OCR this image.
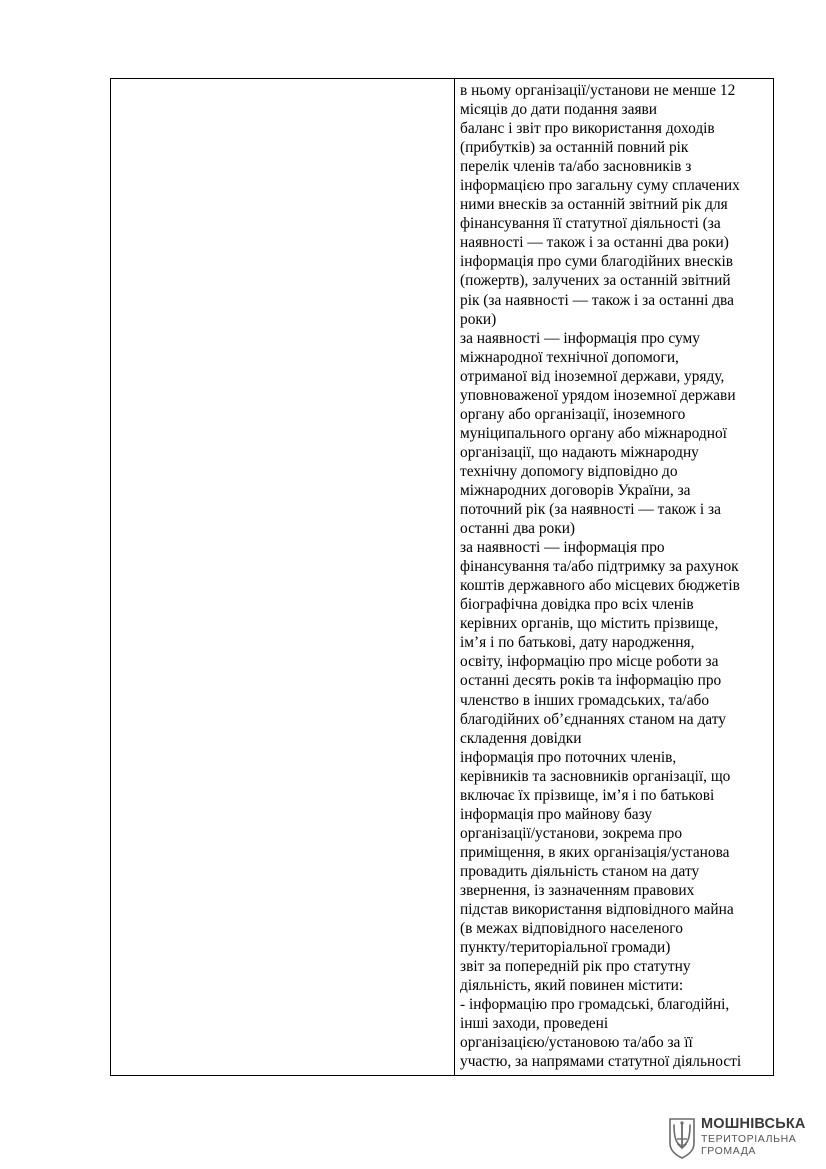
в ньому організації/установи не менше 12
місяців до дати подання заяви
баланс і звіт про використання доходів
(прибутків) за останній повний рік
перелік членів та/або засновників з
інформацією про загальну суму сплачених
ними внесків за останній звітний рік для
фінансування її статутної діяльності (за
наявності — також і за останні два роки)
інформація про суми благодійних внесків
(пожертв), залучених за останній звітний
рік (за наявності — також і за останні два
роки)
за наявності — інформація про суму
міжнародної технічної допомоги,
отриманої від іноземної держави, уряду,
уповноваженої урядом іноземної держави
органу або організації, іноземного
муніципального органу або міжнародної
організації, що надають міжнародну
технічну допомогу відповідно до
міжнародних договорів України, за
поточний рік (за наявності — також і за
останні два роки)
за наявності — інформація про
фінансування та/або підтримку за рахунок
коштів державного або місцевих бюджетів
біографічна довідка про всіх членів
керівних органів, що містить прізвище,
ім’я і по батькові, дату народження,
освіту, інформацію про місце роботи за
останні десять років та інформацію про
членство в інших громадських, та/або
благодійних об’єднаннях станом на дату
складення довідки
інформація про поточних членів,
керівників та засновників організації, що
включає їх прізвище, ім’я і по батькові
інформація про майнову базу
організації/установи, зокрема про
приміщення, в яких організація/установа
провадить діяльність станом на дату
звернення, із зазначенням правових
підстав використання відповідного майна
(в межах відповідного населеного
пункту/територіальної громади)
звіт за попередній рік про статутну
діяльність, який повинен містити:
- інформацію про громадські, благодійні,
інші заходи, проведені
організацією/установою та/або за її
участю, за напрямами статутної діяльності
МОШНІВСЬКА
ТЕРИТОРІАЛЬНА
ГРОМАДА
